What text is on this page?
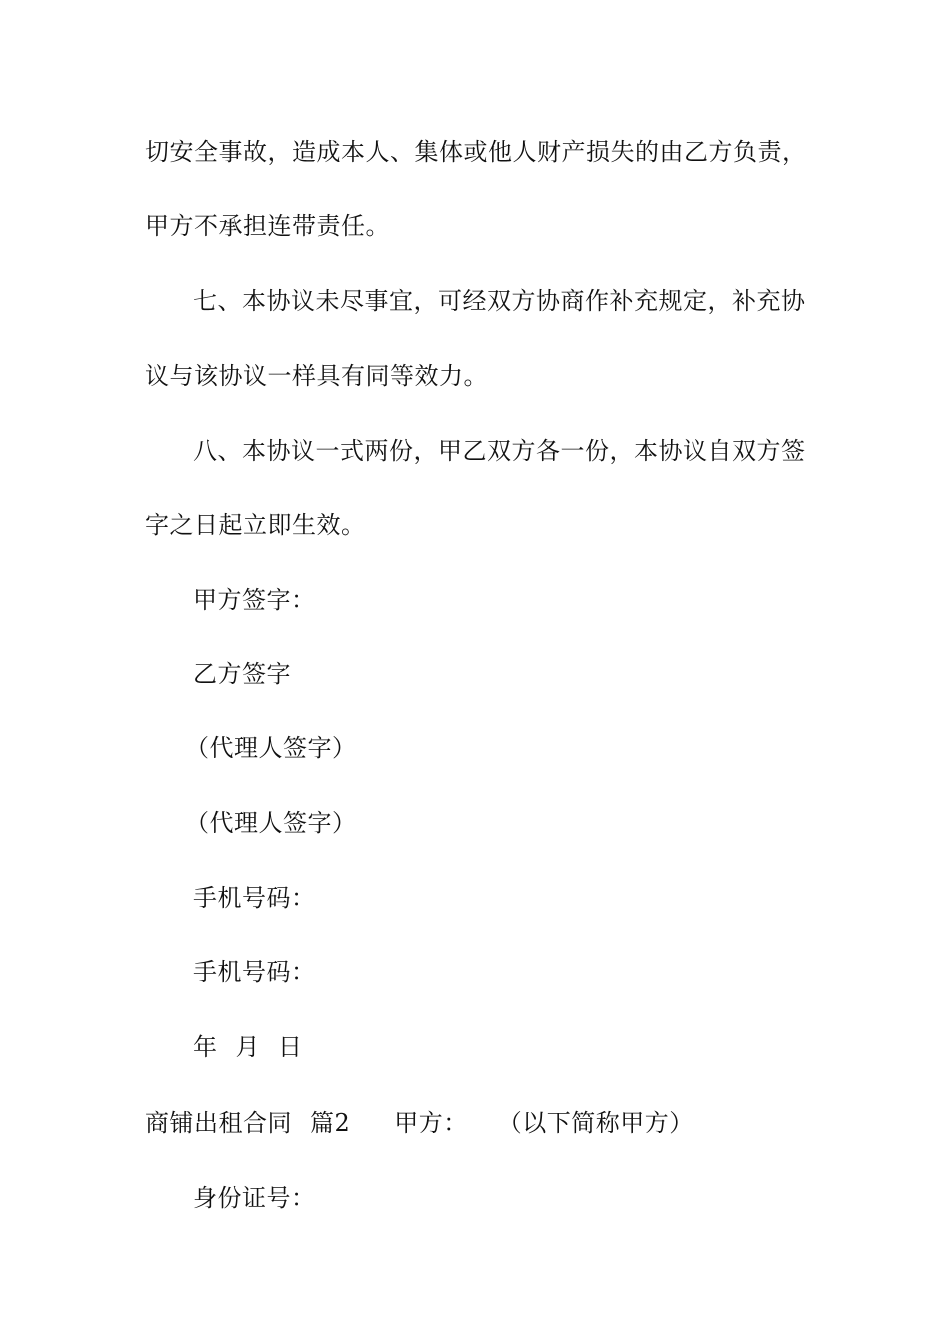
切安全事故，造成本人、集体或他人财产损失的由乙方负责，
甲方不承担连带责任。
七、本协议未尽事宜，可经双方协商作补充规定，补充协
议与该协议一样具有同等效力。
八、本协议一式两份，甲乙双方各一份，本协议自双方签
字之日起立即生效。
甲方签字：
乙方签字
（代理人签字）
（代理人签字）
手机号码：
手机号码：
年 月 日
商铺出租合同 篇2 甲方： （以下简称甲方）
身份证号：
